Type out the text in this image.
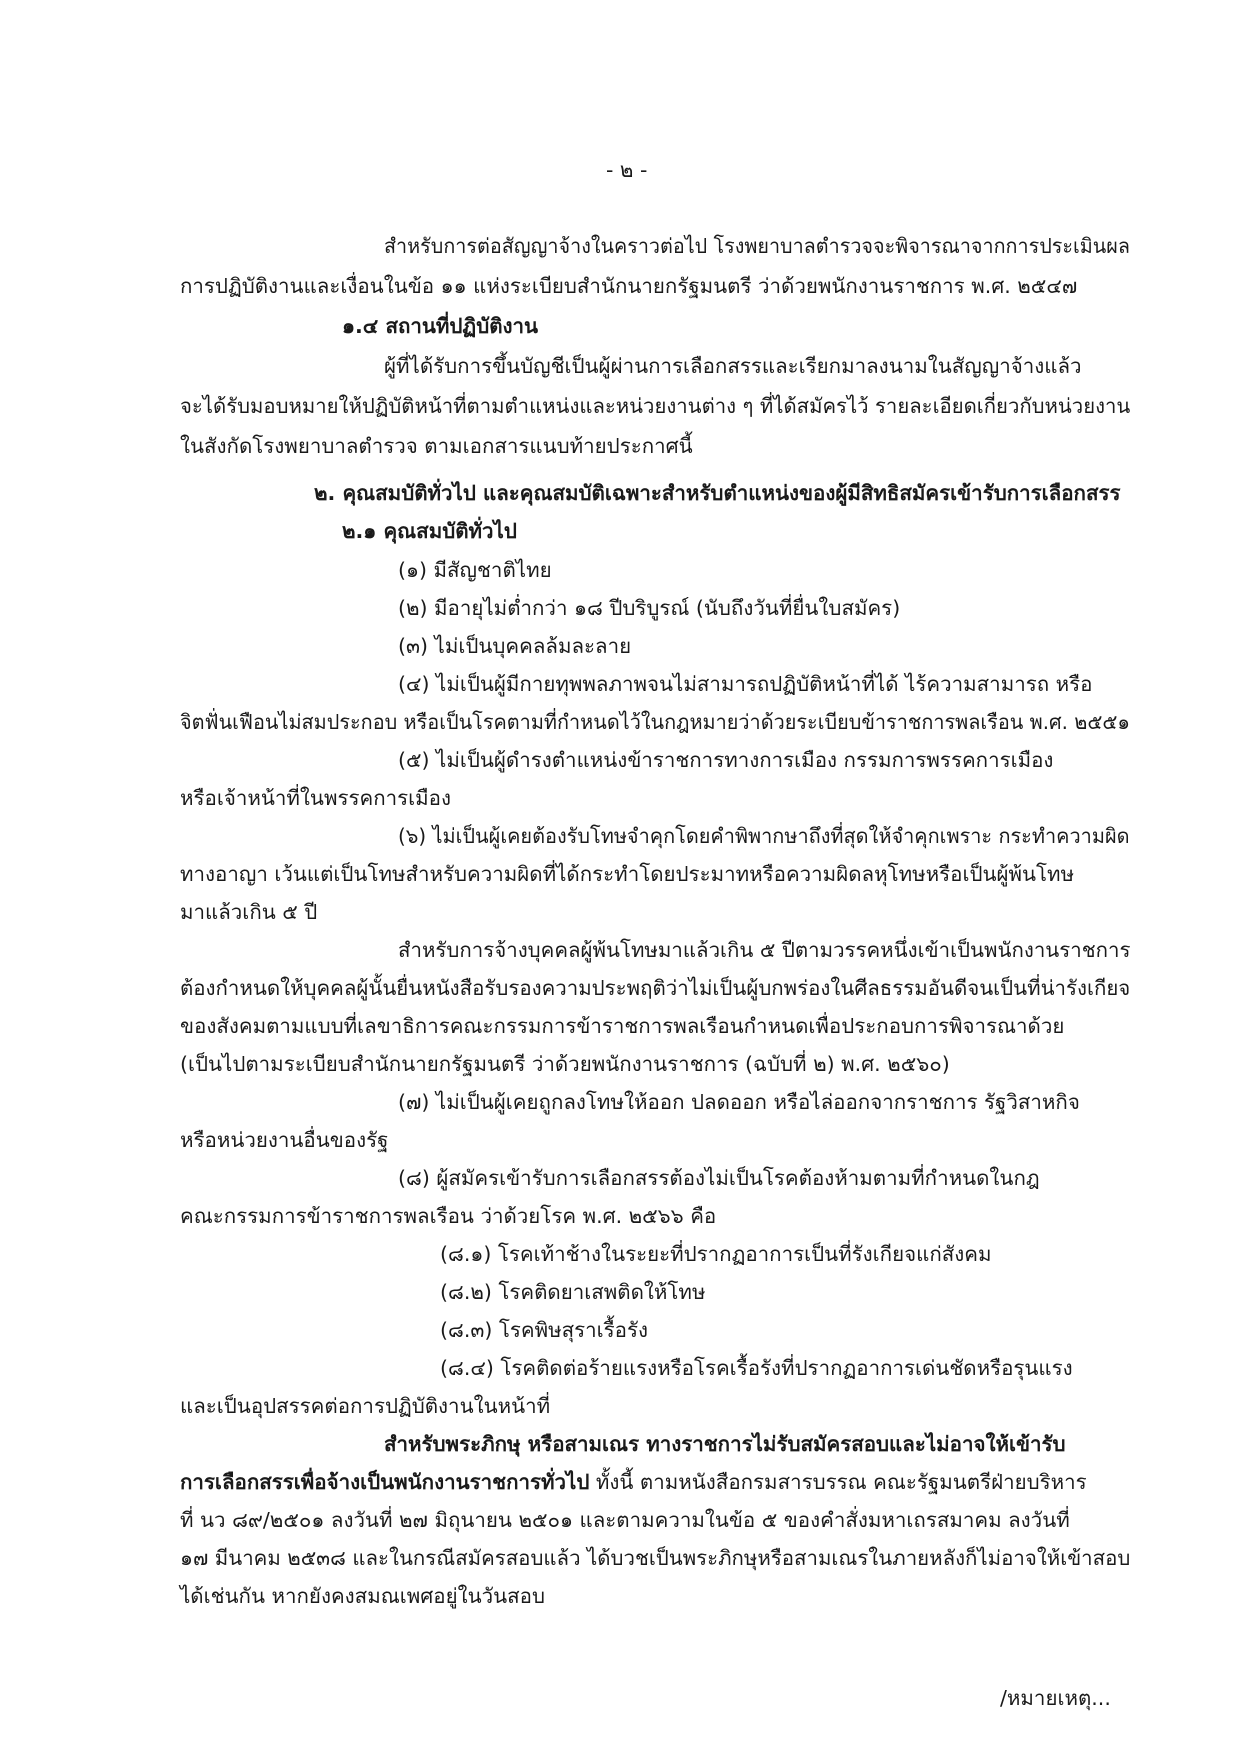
- ๒ -
สำหรับการต่อสัญญาจ้างในคราวต่อไป โรงพยาบาลตำรวจจะพิจารณาจากการประเมินผล
การปฏิบัติงานและเงื่อนในข้อ ๑๑ แห่งระเบียบสำนักนายกรัฐมนตรี ว่าด้วยพนักงานราชการ พ.ศ. ๒๕๔๗
๑.๔ สถานที่ปฏิบัติงาน
ผู้ที่ได้รับการขึ้นบัญชีเป็นผู้ผ่านการเลือกสรรและเรียกมาลงนามในสัญญาจ้างแล้ว
จะได้รับมอบหมายให้ปฏิบัติหน้าที่ตามตำแหน่งและหน่วยงานต่าง ๆ ที่ได้สมัครไว้ รายละเอียดเกี่ยวกับหน่วยงาน
ในสังกัดโรงพยาบาลตำรวจ ตามเอกสารแนบท้ายประกาศนี้
๒. คุณสมบัติทั่วไป และคุณสมบัติเฉพาะสำหรับตำแหน่งของผู้มีสิทธิสมัครเข้ารับการเลือกสรร
๒.๑ คุณสมบัติทั่วไป
(๑) มีสัญชาติไทย
(๒) มีอายุไม่ต่ำกว่า ๑๘ ปีบริบูรณ์ (นับถึงวันที่ยื่นใบสมัคร)
(๓) ไม่เป็นบุคคลล้มละลาย
(๔) ไม่เป็นผู้มีกายทุพพลภาพจนไม่สามารถปฏิบัติหน้าที่ได้ ไร้ความสามารถ หรือ
จิตฟั่นเฟือนไม่สมประกอบ หรือเป็นโรคตามที่กำหนดไว้ในกฎหมายว่าด้วยระเบียบข้าราชการพลเรือน พ.ศ. ๒๕๕๑
(๕) ไม่เป็นผู้ดำรงตำแหน่งข้าราชการทางการเมือง กรรมการพรรคการเมือง
หรือเจ้าหน้าที่ในพรรคการเมือง
(๖) ไม่เป็นผู้เคยต้องรับโทษจำคุกโดยคำพิพากษาถึงที่สุดให้จำคุกเพราะ กระทำความผิด
ทางอาญา เว้นแต่เป็นโทษสำหรับความผิดที่ได้กระทำโดยประมาทหรือความผิดลหุโทษหรือเป็นผู้พ้นโทษ
มาแล้วเกิน ๕ ปี
สำหรับการจ้างบุคคลผู้พ้นโทษมาแล้วเกิน ๕ ปีตามวรรคหนึ่งเข้าเป็นพนักงานราชการ
ต้องกำหนดให้บุคคลผู้นั้นยื่นหนังสือรับรองความประพฤติว่าไม่เป็นผู้บกพร่องในศีลธรรมอันดีจนเป็นที่น่ารังเกียจ
ของสังคมตามแบบที่เลขาธิการคณะกรรมการข้าราชการพลเรือนกำหนดเพื่อประกอบการพิจารณาด้วย
(เป็นไปตามระเบียบสำนักนายกรัฐมนตรี ว่าด้วยพนักงานราชการ (ฉบับที่ ๒) พ.ศ. ๒๕๖๐)
(๗) ไม่เป็นผู้เคยถูกลงโทษให้ออก ปลดออก หรือไล่ออกจากราชการ รัฐวิสาหกิจ
หรือหน่วยงานอื่นของรัฐ
(๘) ผู้สมัครเข้ารับการเลือกสรรต้องไม่เป็นโรคต้องห้ามตามที่กำหนดในกฎ
คณะกรรมการข้าราชการพลเรือน ว่าด้วยโรค พ.ศ. ๒๕๖๖ คือ
(๘.๑) โรคเท้าช้างในระยะที่ปรากฏอาการเป็นที่รังเกียจแก่สังคม
(๘.๒) โรคติดยาเสพติดให้โทษ
(๘.๓) โรคพิษสุราเรื้อรัง
(๘.๔) โรคติดต่อร้ายแรงหรือโรคเรื้อรังที่ปรากฏอาการเด่นชัดหรือรุนแรง
และเป็นอุปสรรคต่อการปฏิบัติงานในหน้าที่
สำหรับพระภิกษุ หรือสามเณร ทางราชการไม่รับสมัครสอบและไม่อาจให้เข้ารับ
การเลือกสรรเพื่อจ้างเป็นพนักงานราชการทั่วไป ทั้งนี้ ตามหนังสือกรมสารบรรณ คณะรัฐมนตรีฝ่ายบริหาร
ที่ นว ๘๙/๒๕๐๑ ลงวันที่ ๒๗ มิถุนายน ๒๕๐๑ และตามความในข้อ ๕ ของคำสั่งมหาเถรสมาคม ลงวันที่
๑๗ มีนาคม ๒๕๓๘ และในกรณีสมัครสอบแล้ว ได้บวชเป็นพระภิกษุหรือสามเณรในภายหลังก็ไม่อาจให้เข้าสอบ
ได้เช่นกัน หากยังคงสมณเพศอยู่ในวันสอบ
/หมายเหตุ...
